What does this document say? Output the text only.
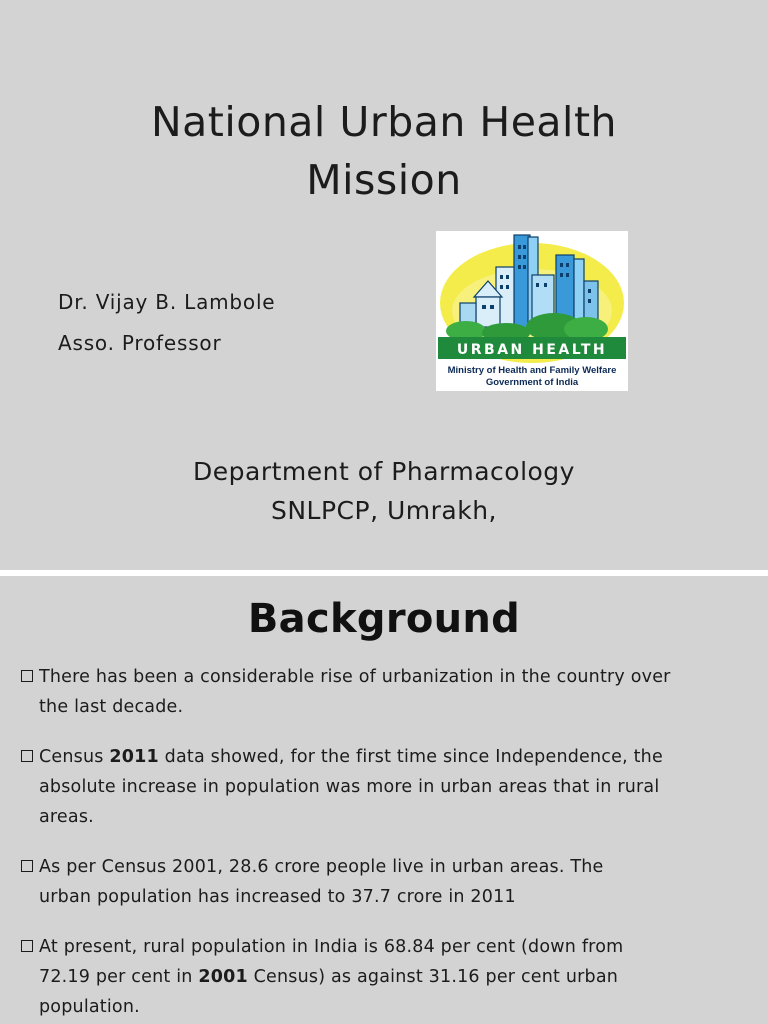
National Urban Health
Mission
Dr. Vijay B. Lambole
Asso. Professor	URBAN HEALTH
Ministry of Health and Family Welfare
Government of India
Department of Pharmacology
SNLPCP, Umrakh,
Background
There has been a considerable rise of urbanization in the country over
the last decade.
Census 2011 data showed, for the first time since Independence, the
absolute increase in population was more in urban areas that in rural
areas.
As per Census 2001, 28.6 crore people live in urban areas. The
urban population has increased to 37.7 crore in 2011
At present, rural population in India is 68.84 per cent (down from
72.19 per cent in 2001 Census) as against 31.16 per cent urban
population.
